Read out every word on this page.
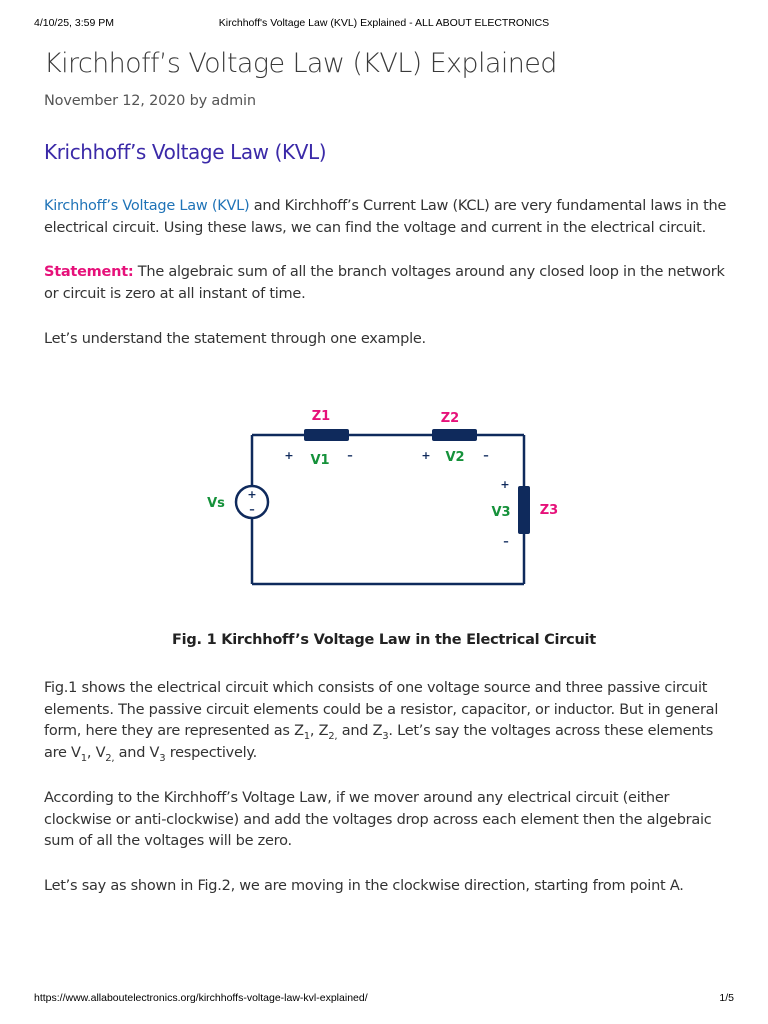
4/10/25, 3:59 PM	Kirchhoff's Voltage Law (KVL) Explained - ALL ABOUT ELECTRONICS
Kirchhoff’s Voltage Law (KVL) Explained
November 12, 2020 by admin
Krichhoff’s Voltage Law (KVL)

Kirchhoff’s Voltage Law (KVL) and Kirchhoff’s Current Law (KCL) are very fundamental laws in the electrical circuit. Using these laws, we can find the voltage and current in the electrical circuit.

Statement: The algebraic sum of all the branch voltages around any closed loop in the network or circuit is zero at all instant of time.

Let’s understand the statement through one example.

+
–
Z1	Z2
Z3
+ V1 –	+ V2 –
+
V3
–
Vs
Fig. 1 Kirchhoff’s Voltage Law in the Electrical Circuit

Fig.1 shows the electrical circuit which consists of one voltage source and three passive circuit elements. The passive circuit elements could be a resistor, capacitor, or inductor. But in general form, here they are represented as $Z_1$, $Z_{2,}$ and $Z_3$. Let’s say the voltages across these elements are $V_1$, $V_{2,}$ and $V_3$ respectively.

According to the Kirchhoff’s Voltage Law, if we mover around any electrical circuit (either clockwise or anti-clockwise) and add the voltages drop across each element then the algebraic sum of all the voltages will be zero.

Let’s say as shown in Fig.2, we are moving in the clockwise direction, starting from point A.

https://www.allaboutelectronics.org/kirchhoffs-voltage-law-kvl-explained/	1/5
